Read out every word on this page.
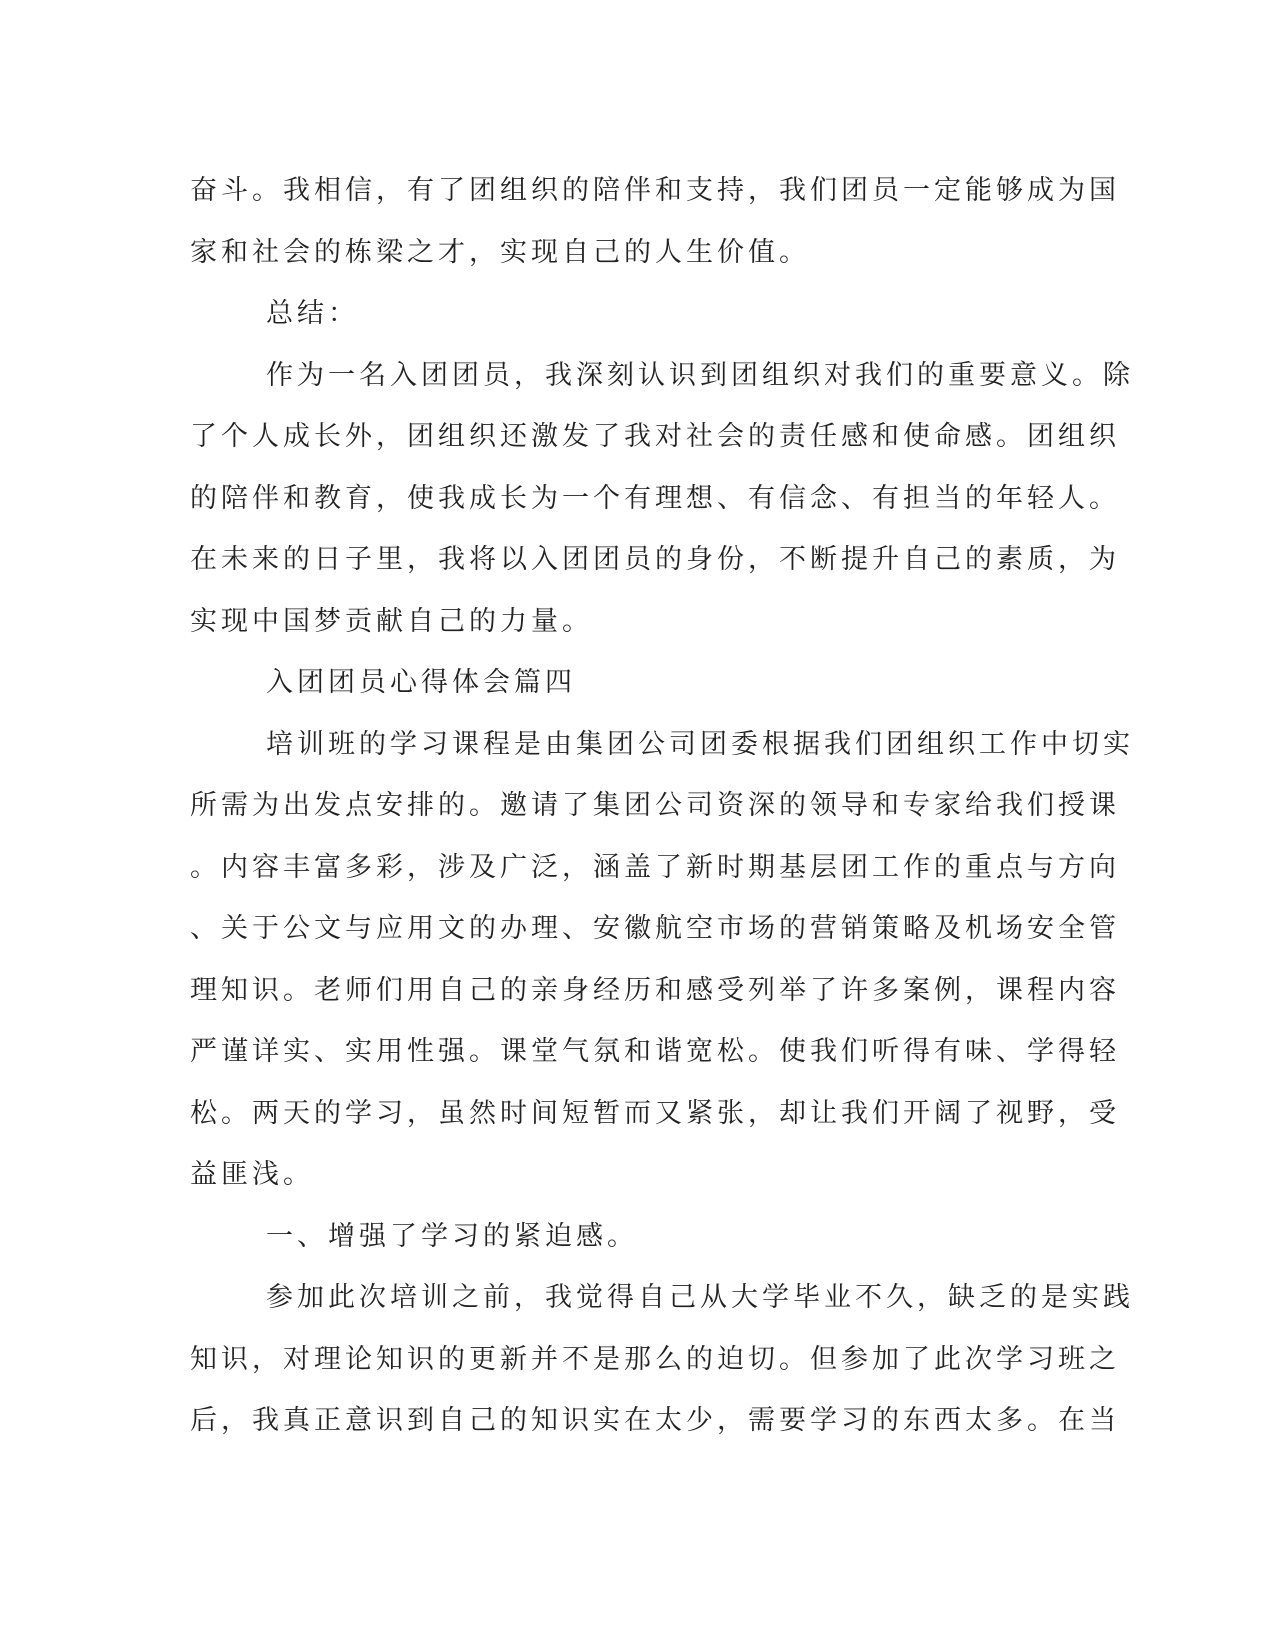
奋斗。我相信，有了团组织的陪伴和支持，我们团员一定能够成为国
家和社会的栋梁之才，实现自己的人生价值。
总结：
作为一名入团团员，我深刻认识到团组织对我们的重要意义。除
了个人成长外，团组织还激发了我对社会的责任感和使命感。团组织
的陪伴和教育，使我成长为一个有理想、有信念、有担当的年轻人。
在未来的日子里，我将以入团团员的身份，不断提升自己的素质，为
实现中国梦贡献自己的力量。
入团团员心得体会篇四
培训班的学习课程是由集团公司团委根据我们团组织工作中切实
所需为出发点安排的。邀请了集团公司资深的领导和专家给我们授课
。内容丰富多彩，涉及广泛，涵盖了新时期基层团工作的重点与方向
、关于公文与应用文的办理、安徽航空市场的营销策略及机场安全管
理知识。老师们用自己的亲身经历和感受列举了许多案例，课程内容
严谨详实、实用性强。课堂气氛和谐宽松。使我们听得有味、学得轻
松。两天的学习，虽然时间短暂而又紧张，却让我们开阔了视野，受
益匪浅。
一、增强了学习的紧迫感。
参加此次培训之前，我觉得自己从大学毕业不久，缺乏的是实践
知识，对理论知识的更新并不是那么的迫切。但参加了此次学习班之
后，我真正意识到自己的知识实在太少，需要学习的东西太多。在当
